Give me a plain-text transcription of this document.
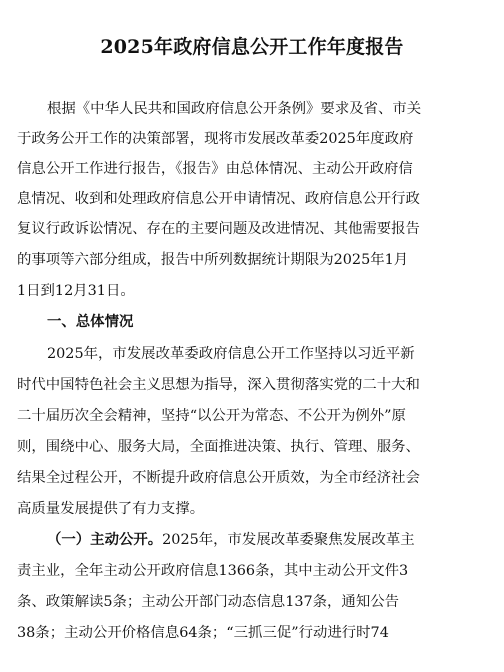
2025年政府信息公开工作年度报告
根据《中华人民共和国政府信息公开条例》要求及省、市关
于政务公开工作的决策部署，现将市发展改革委2025年度政府
信息公开工作进行报告，《报告》由总体情况、主动公开政府信
息情况、收到和处理政府信息公开申请情况、政府信息公开行政
复议行政诉讼情况、存在的主要问题及改进情况、其他需要报告
的事项等六部分组成，报告中所列数据统计期限为2025年1月
1日到12月31日。
一、总体情况
2025年，市发展改革委政府信息公开工作坚持以习近平新
时代中国特色社会主义思想为指导，深入贯彻落实党的二十大和
二十届历次全会精神，坚持“以公开为常态、不公开为例外”原
则，围绕中心、服务大局，全面推进决策、执行、管理、服务、
结果全过程公开，不断提升政府信息公开质效，为全市经济社会
高质量发展提供了有力支撑。
（一）主动公开。2025年，市发展改革委聚焦发展改革主
责主业，全年主动公开政府信息1366条，其中主动公开文件3
条、政策解读5条；主动公开部门动态信息137条，通知公告
38条；主动公开价格信息64条；“三抓三促”行动进行时74
